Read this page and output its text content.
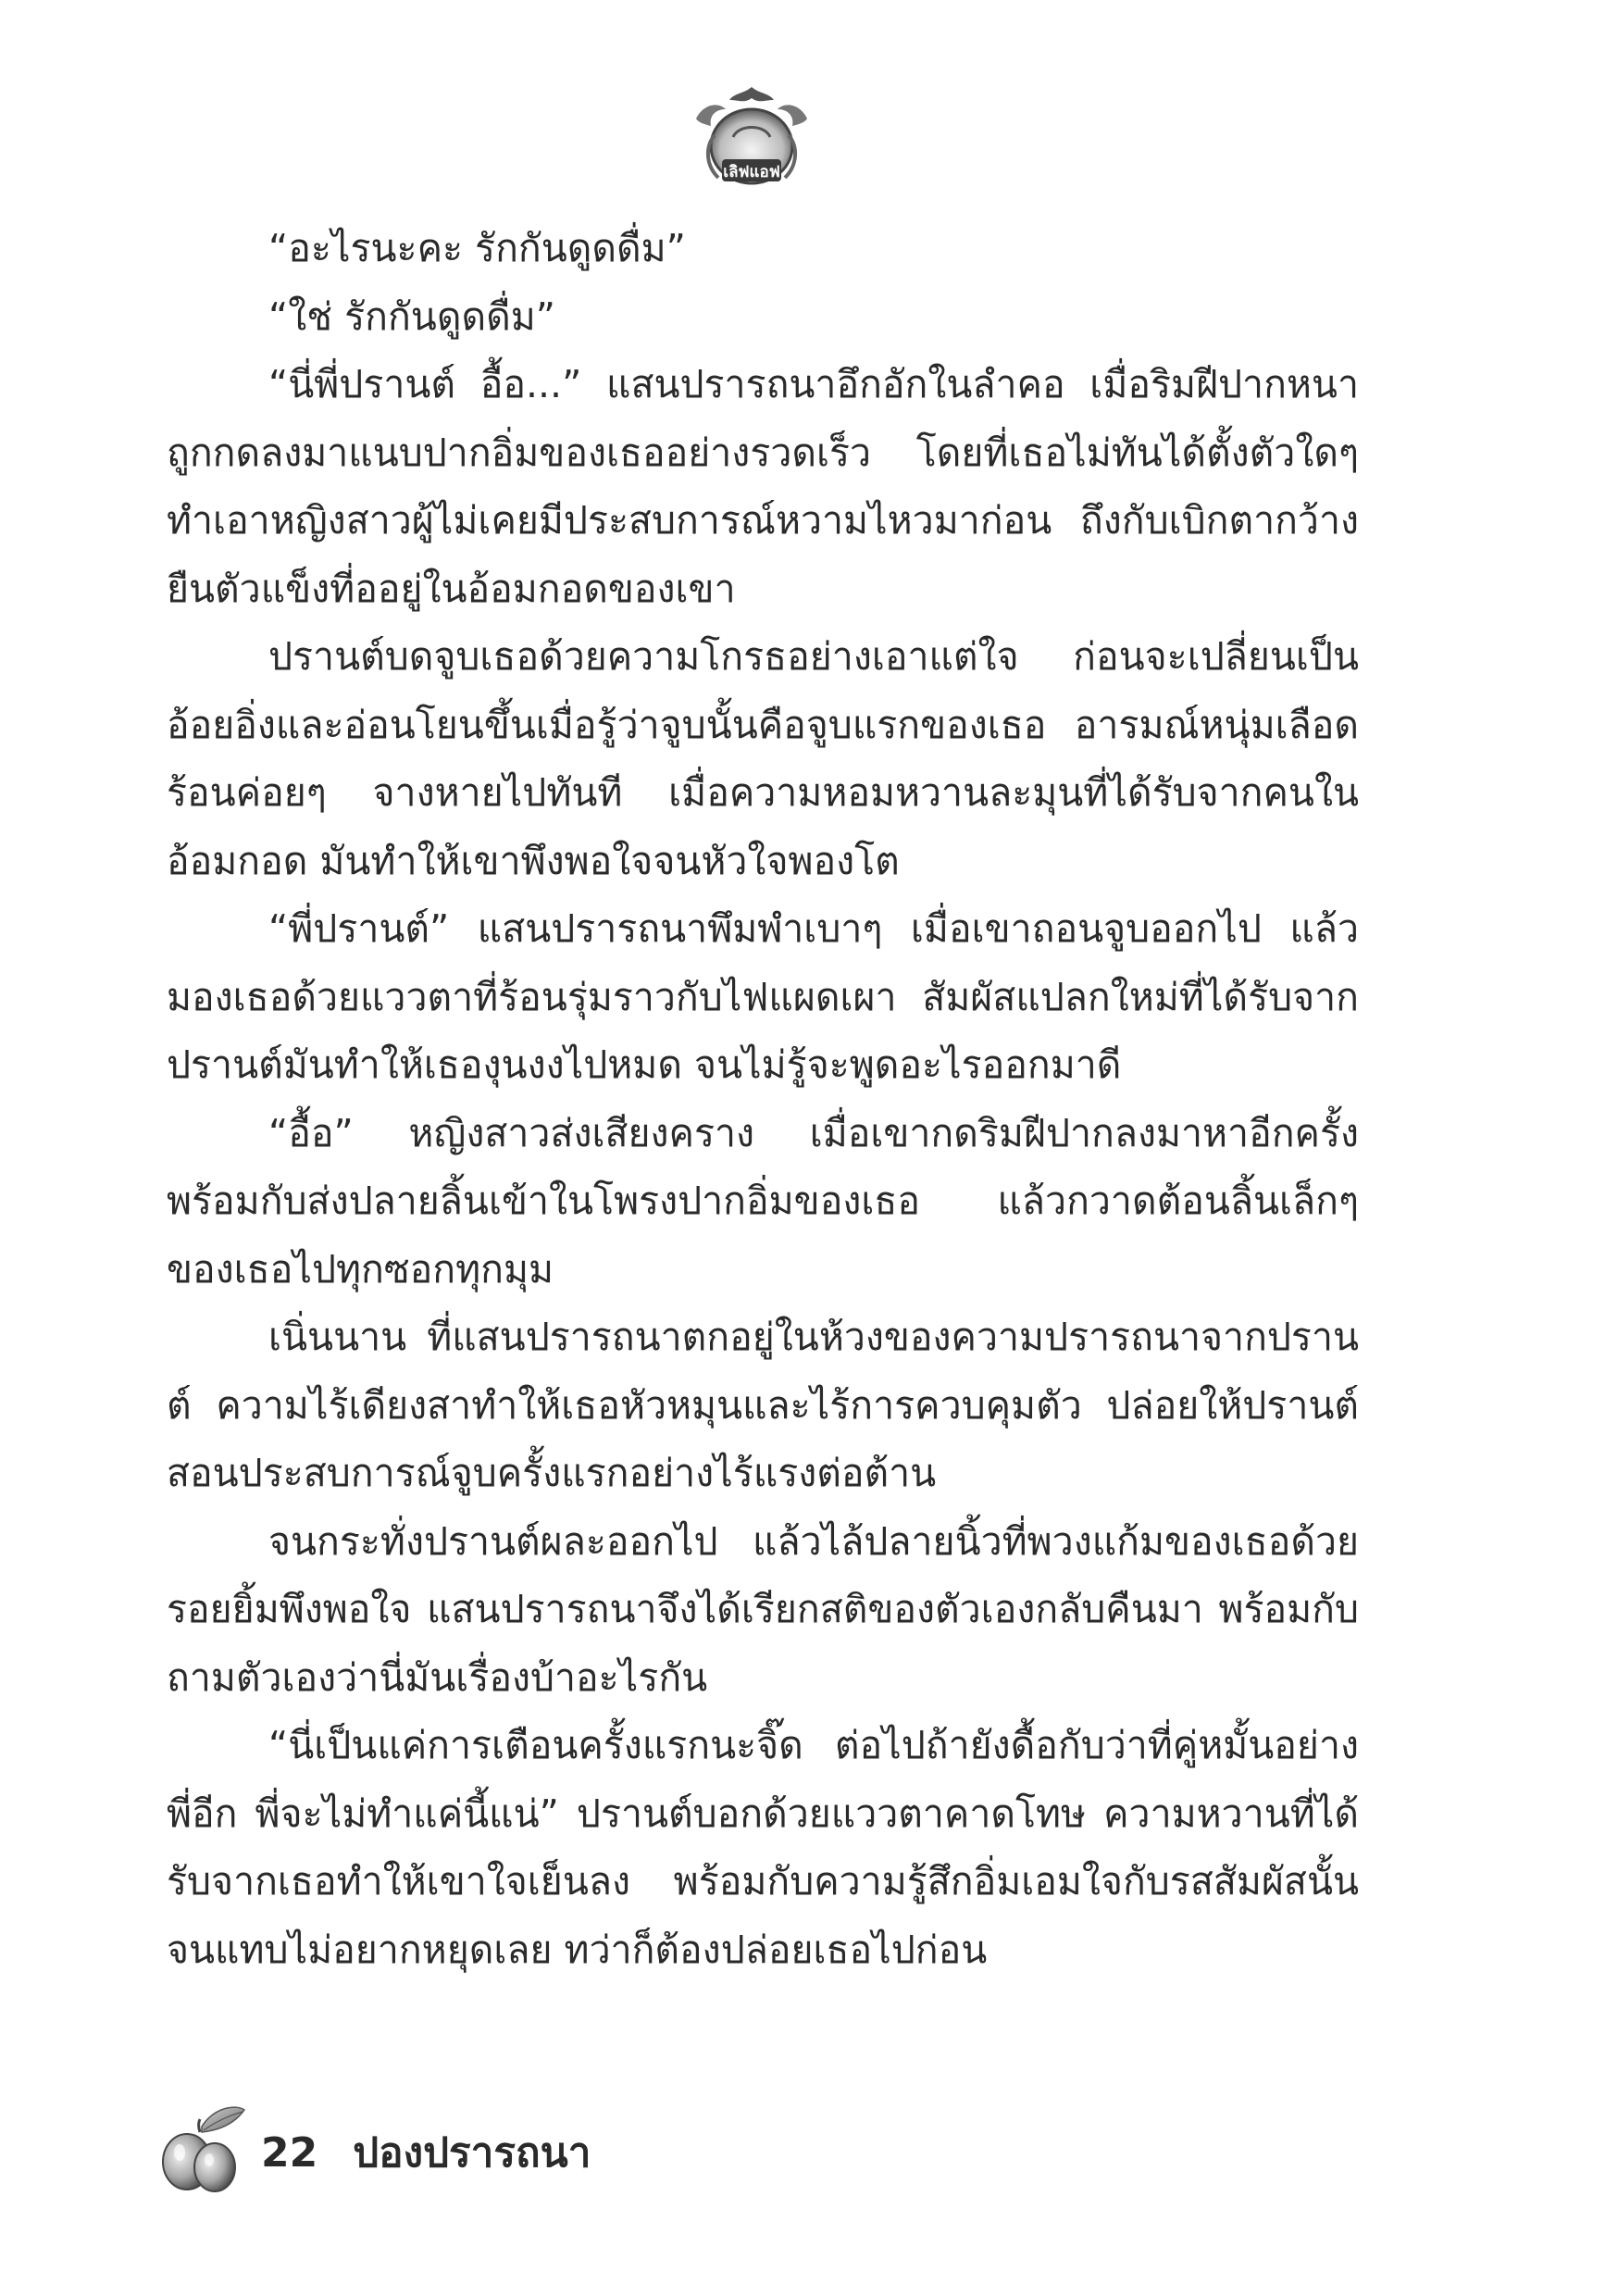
เลิฟแอฟ

“อะไรนะคะ รักกันดูดดื่ม”

“ใช่ รักกันดูดดื่ม”

“นี่พี่ปรานต์ อื้อ...” แสนปรารถนาอึกอักในลำคอ เมื่อริมฝีปากหนาถูกกดลงมาแนบปากอิ่มของเธออย่างรวดเร็ว โดยที่เธอไม่ทันได้ตั้งตัวใดๆ ทำเอาหญิงสาวผู้ไม่เคยมีประสบการณ์หวามไหวมาก่อน ถึงกับเบิกตากว้าง ยืนตัวแข็งที่ออยู่ในอ้อมกอดของเขา

ปรานต์บดจูบเธอด้วยความโกรธอย่างเอาแต่ใจ ก่อนจะเปลี่ยนเป็นอ้อยอิ่งและอ่อนโยนขึ้นเมื่อรู้ว่าจูบนั้นคือจูบแรกของเธอ อารมณ์หนุ่มเลือดร้อนค่อยๆ จางหายไปทันที เมื่อความหอมหวานละมุนที่ได้รับจากคนในอ้อมกอด มันทำให้เขาพึงพอใจจนหัวใจพองโต

“พี่ปรานต์” แสนปรารถนาพึมพำเบาๆ เมื่อเขาถอนจูบออกไป แล้วมองเธอด้วยแววตาที่ร้อนรุ่มราวกับไฟแผดเผา สัมผัสแปลกใหม่ที่ได้รับจากปรานต์มันทำให้เธองุนงงไปหมด จนไม่รู้จะพูดอะไรออกมาดี

“อื้อ” หญิงสาวส่งเสียงคราง เมื่อเขากดริมฝีปากลงมาหาอีกครั้งพร้อมกับส่งปลายลิ้นเข้าในโพรงปากอิ่มของเธอ แล้วกวาดต้อนลิ้นเล็กๆ ของเธอไปทุกซอกทุกมุม

เนิ่นนาน ที่แสนปรารถนาตกอยู่ในห้วงของความปรารถนาจากปรานต์ ความไร้เดียงสาทำให้เธอหัวหมุนและไร้การควบคุมตัว ปล่อยให้ปรานต์สอนประสบการณ์จูบครั้งแรกอย่างไร้แรงต่อต้าน

จนกระทั่งปรานต์ผละออกไป แล้วไล้ปลายนิ้วที่พวงแก้มของเธอด้วยรอยยิ้มพึงพอใจ แสนปรารถนาจึงได้เรียกสติของตัวเองกลับคืนมา พร้อมกับถามตัวเองว่านี่มันเรื่องบ้าอะไรกัน

“นี่เป็นแค่การเตือนครั้งแรกนะจิ๊ด ต่อไปถ้ายังดื้อกับว่าที่คู่หมั้นอย่างพี่อีก พี่จะไม่ทำแค่นี้แน่” ปรานต์บอกด้วยแววตาคาดโทษ ความหวานที่ได้รับจากเธอทำให้เขาใจเย็นลง พร้อมกับความรู้สึกอิ่มเอมใจกับรสสัมผัสนั้นจนแทบไม่อยากหยุดเลย ทว่าก็ต้องปล่อยเธอไปก่อน

22 ปองปรารถนา
